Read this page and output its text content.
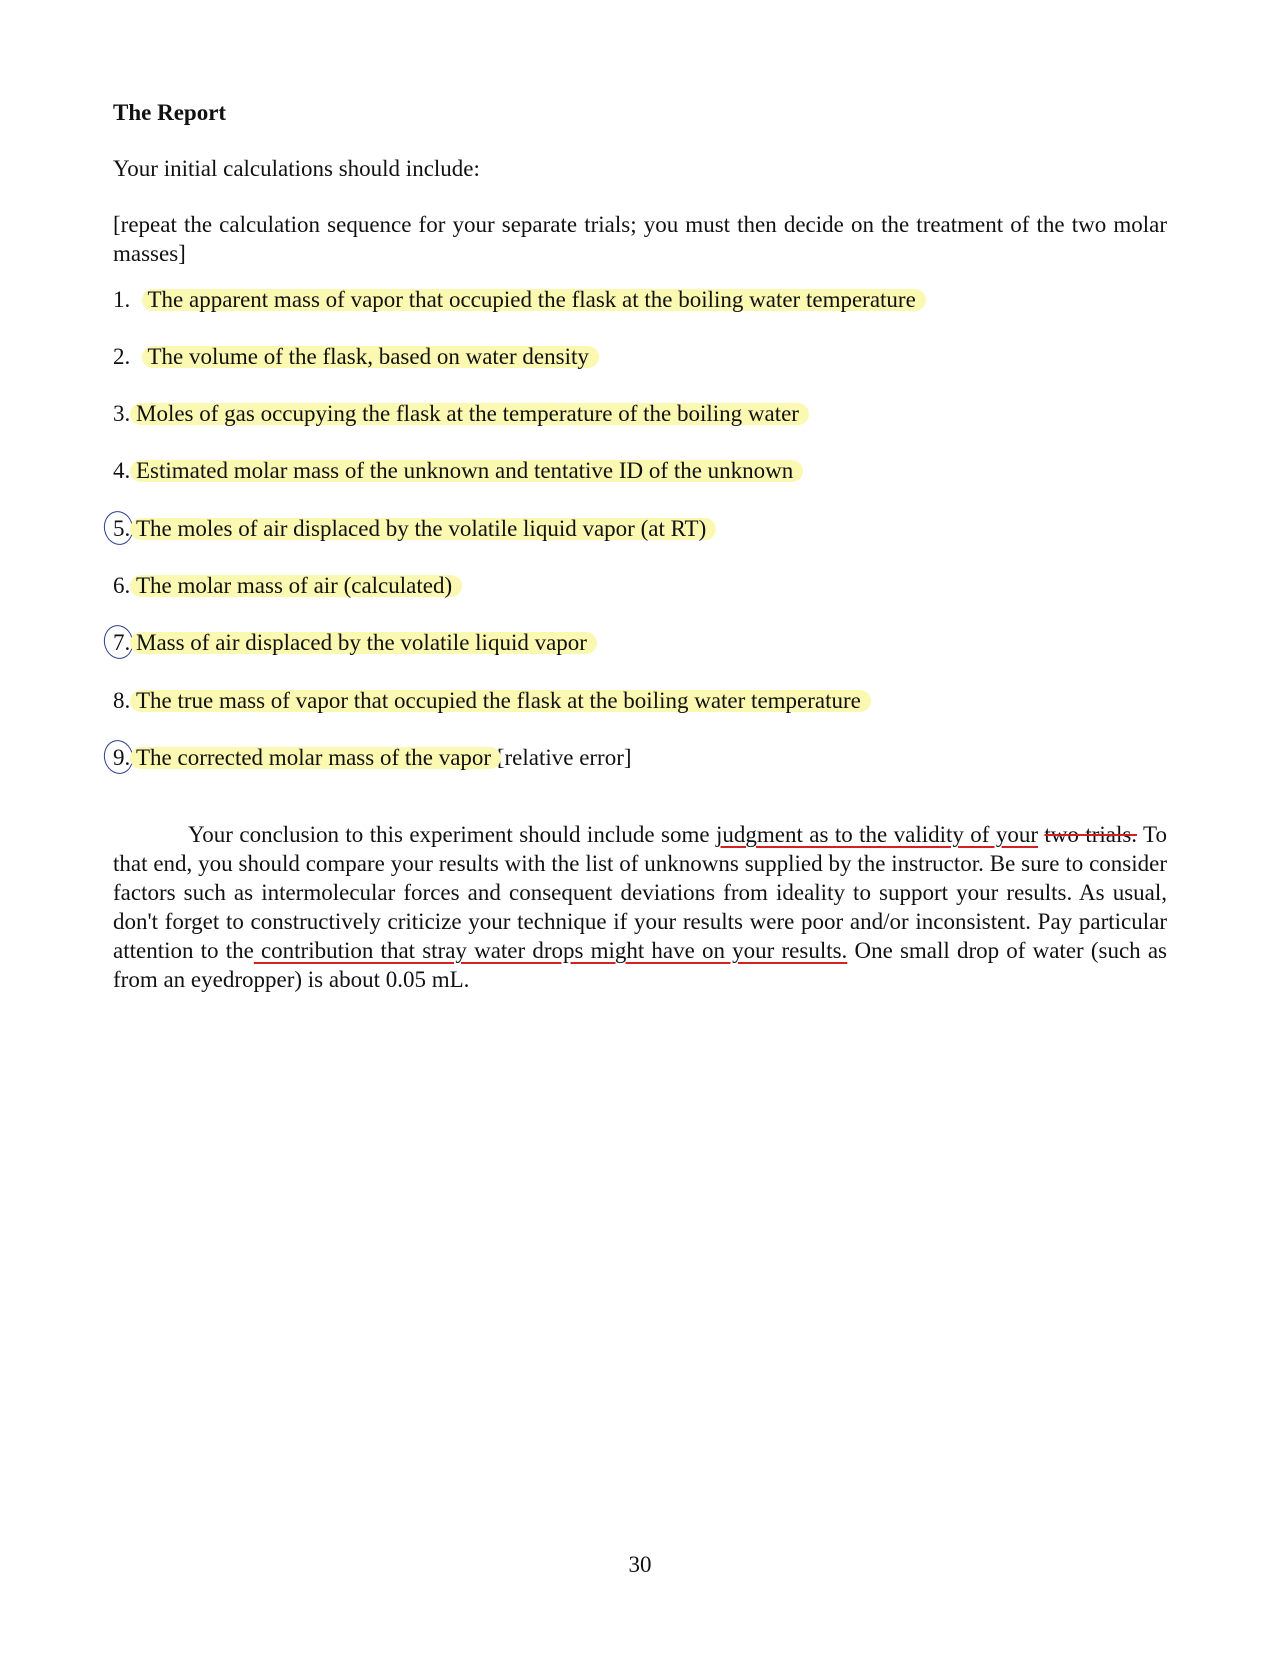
The Report
Your initial calculations should include:
[repeat the calculation sequence for your separate trials; you must then decide on the treatment of the two molar masses]
1. The apparent mass of vapor that occupied the flask at the boiling water temperature
2. The volume of the flask, based on water density
3. Moles of gas occupying the flask at the temperature of the boiling water
4. Estimated molar mass of the unknown and tentative ID of the unknown
5. The moles of air displaced by the volatile liquid vapor (at RT)
6. The molar mass of air (calculated)
7. Mass of air displaced by the volatile liquid vapor
8. The true mass of vapor that occupied the flask at the boiling water temperature
9. The corrected molar mass of the vapor [relative error]
Your conclusion to this experiment should include some judgment as to the validity of your two trials. To that end, you should compare your results with the list of unknowns supplied by the instructor. Be sure to consider factors such as intermolecular forces and consequent deviations from ideality to support your results. As usual, don't forget to constructively criticize your technique if your results were poor and/or inconsistent. Pay particular attention to the contribution that stray water drops might have on your results. One small drop of water (such as from an eyedropper) is about 0.05 mL.
30
